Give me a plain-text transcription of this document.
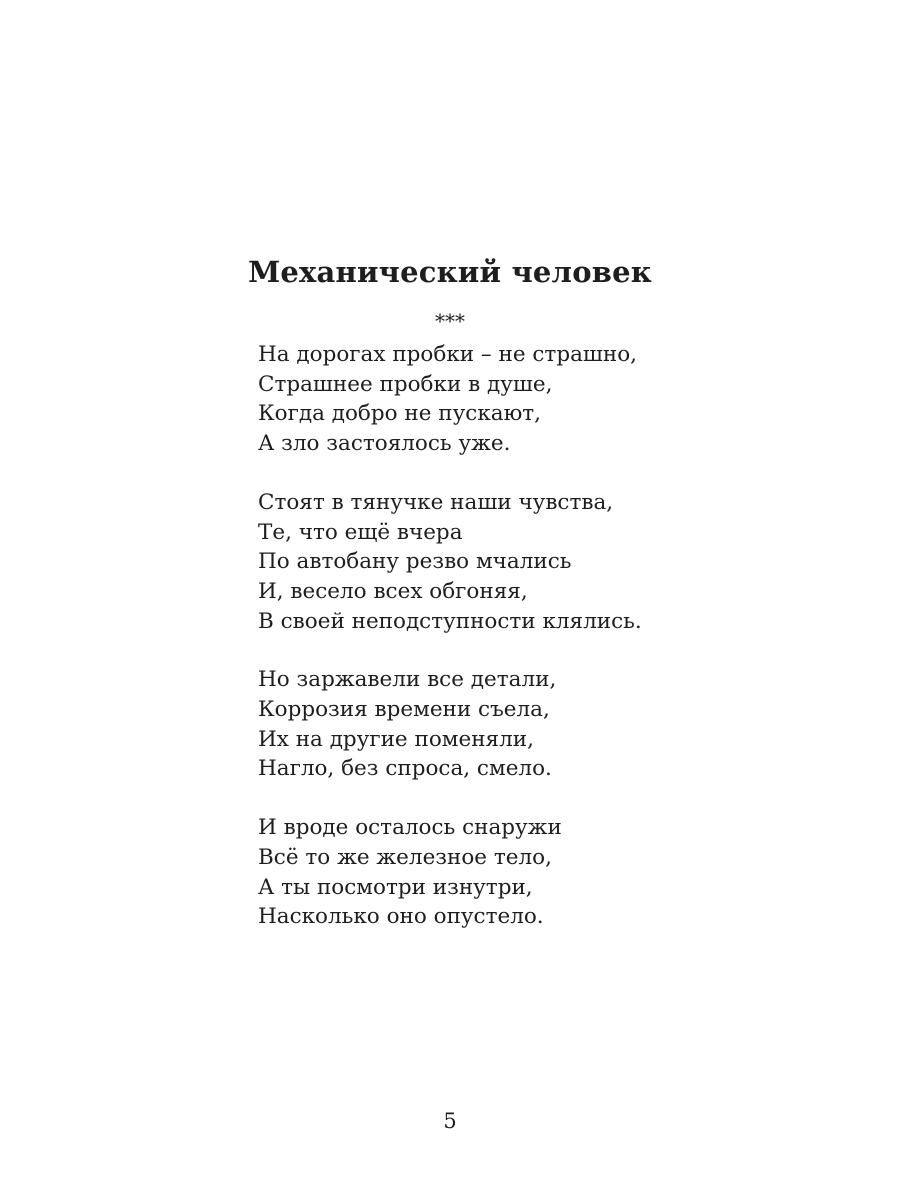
Механический человек

***

На дорогах пробки – не страшно,
Страшнее пробки в душе,
Когда добро не пускают,
А зло застоялось уже.
Стоят в тянучке наши чувства,
Те, что ещё вчера
По автобану резво мчались
И, весело всех обгоняя,
В своей неподступности клялись.
Но заржавели все детали,
Коррозия времени съела,
Их на другие поменяли,
Нагло, без спроса, смело.
И вроде осталось снаружи
Всё то же железное тело,
А ты посмотри изнутри,
Насколько оно опустело.

5
